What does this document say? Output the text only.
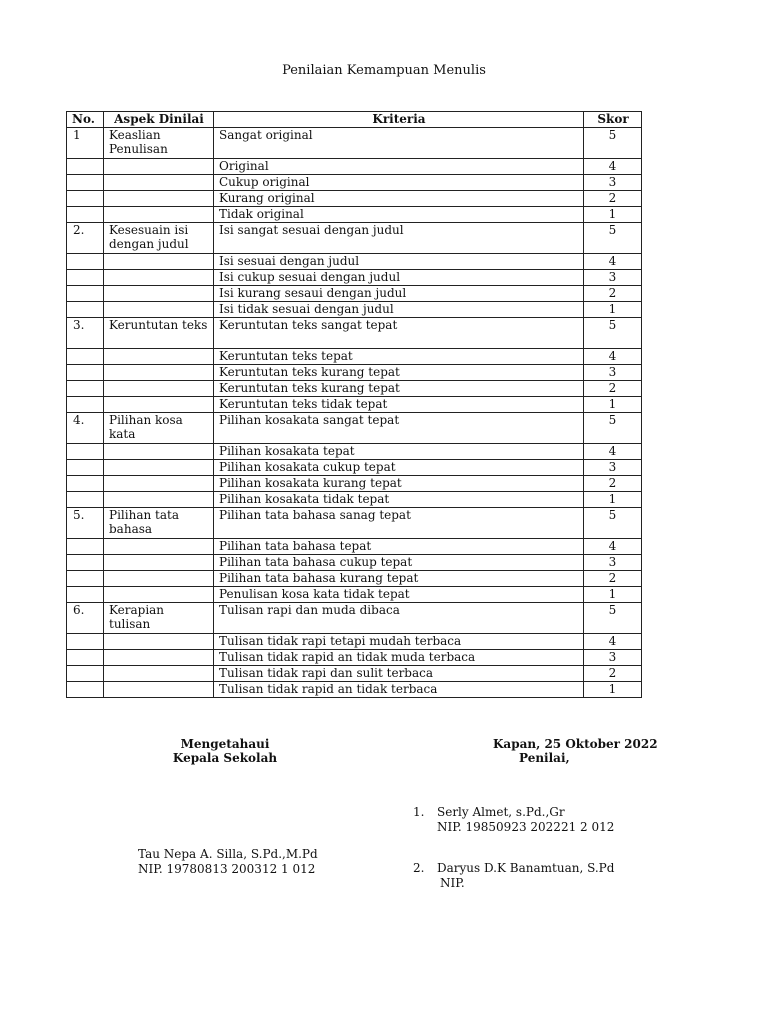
Penilaian Kemampuan Menulis
No.	Aspek Dinilai	Kriteria	Skor
1	Keaslian Penulisan	Sangat original	5
		Original	4
		Cukup original	3
		Kurang original	2
		Tidak original	1
2.	Kesesuain isi dengan judul	Isi sangat sesuai dengan judul	5
		Isi sesuai dengan judul	4
		Isi cukup sesuai dengan judul	3
		Isi kurang sesaui dengan judul	2
		Isi tidak sesuai dengan judul	1
3.	Keruntutan teks	Keruntutan teks sangat tepat	5
		Keruntutan teks tepat	4
		Keruntutan teks kurang tepat	3
		Keruntutan teks kurang tepat	2
		Keruntutan teks tidak tepat	1
4.	Pilihan kosa kata	Pilihan kosakata sangat tepat	5
		Pilihan kosakata tepat	4
		Pilihan kosakata cukup tepat	3
		Pilihan kosakata kurang tepat	2
		Pilihan kosakata tidak tepat	1
5.	Pilihan tata bahasa	Pilihan tata bahasa sanag tepat	5
		Pilihan tata bahasa tepat	4
		Pilihan tata bahasa cukup tepat	3
		Pilihan tata bahasa kurang tepat	2
		Penulisan kosa kata tidak tepat	1
6.	Kerapian tulisan	Tulisan rapi dan muda dibaca	5
		Tulisan tidak rapi tetapi mudah terbaca	4
		Tulisan tidak rapid an tidak muda terbaca	3
		Tulisan tidak rapi dan sulit terbaca	2
		Tulisan tidak rapid an tidak terbaca	1
Mengetahaui
Kepala Sekolah
Tau Nepa A. Silla, S.Pd.,M.Pd
NIP. 19780813 200312 1 012
Kapan, 25 Oktober 2022
Penilai,
1. Serly Almet, s.Pd.,Gr
NIP. 19850923 202221 2 012
2. Daryus D.K Banamtuan, S.Pd
NIP.
